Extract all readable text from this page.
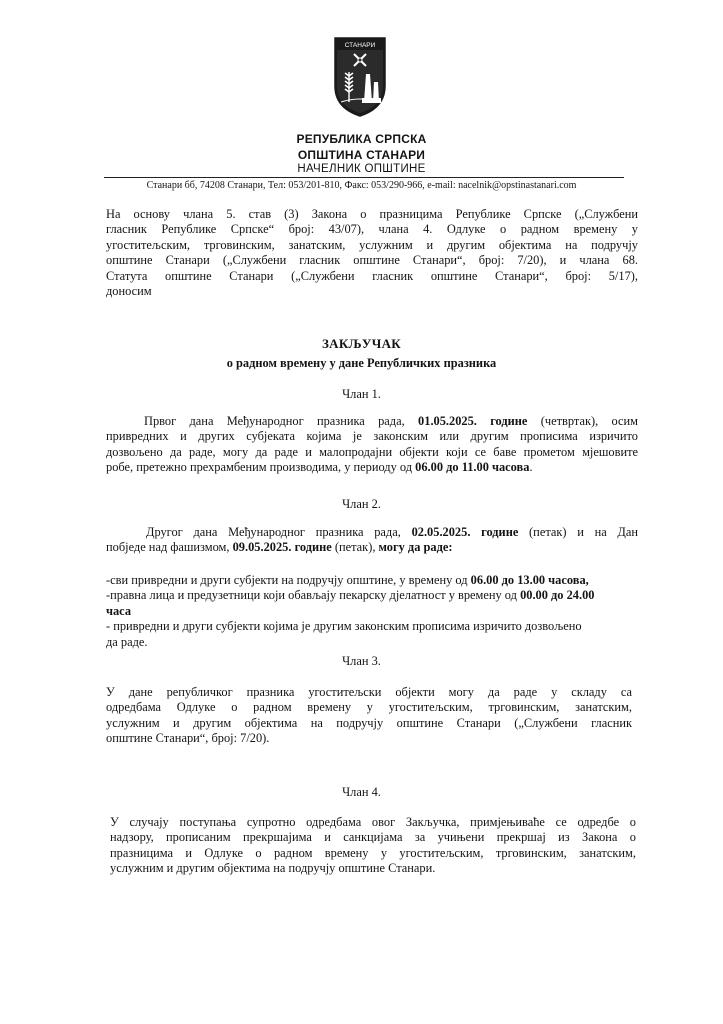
СТАНАРИ
РЕПУБЛИКА СРПСКА
ОПШТИНА СТАНАРИ
НАЧЕЛНИК ОПШТИНЕ
Станари бб, 74208 Станари, Тел: 053/201-810, Факс: 053/290-966, e-mail: nacelnik@opstinastanari.com
На основу члана 5. став (3) Закона о празницима Републике Српске („Службени
гласник Републике Српске“ број: 43/07), члана 4. Одлуке о радном времену у
угоститељским, трговинским, занатским, услужним и другим објектима на подручју
општине Станари („Службени гласник општине Станари“, број: 7/20), и члана 68.
Статута општине Станари („Службени гласник општине Станари“, број: 5/17),
доносим
ЗАКЉУЧАК
о радном времену у дане Републичких празника
Члан 1.
Првог дана Међународног празника рада, 01.05.2025. године (четвртак), осим
привредних и других субјеката којима је законским или другим прописима изричито
дозвољено да раде, могу да раде и малопродајни објекти који се баве прометом мјешовите
робе, претежно прехрамбеним производима, у периоду од 06.00 до 11.00 часова.
Члан 2.
Другог дана Међународног празника рада, 02.05.2025. године (петак) и на Дан
побједе над фашизмом, 09.05.2025. године (петак), могу да раде:
-сви привредни и други субјекти на подручју општине, у времену од 06.00 до 13.00 часова,
-правна лица и предузетници који обављају пекарску дјелатност у времену од 00.00 до 24.00
часа
- привредни и други субјекти којима је другим законским прописима изричито дозвољено
да раде.
Члан 3.
У дане републичког празника угоститељски објекти могу да раде у складу са
одредбама Одлуке о радном времену у угоститељским, трговинским, занатским,
услужним и другим објектима на подручју општине Станари („Службени гласник
општине Станари“, број: 7/20).
Члан 4.
У случају поступања супротно одредбама овог Закључка, примјењиваће се одредбе о
надзору, прописаним прекршајима и санкцијама за учињени прекршај из Закона о
празницима и Одлуке о радном времену у угоститељским, трговинским, занатским,
услужним и другим објектима на подручју општине Станари.
